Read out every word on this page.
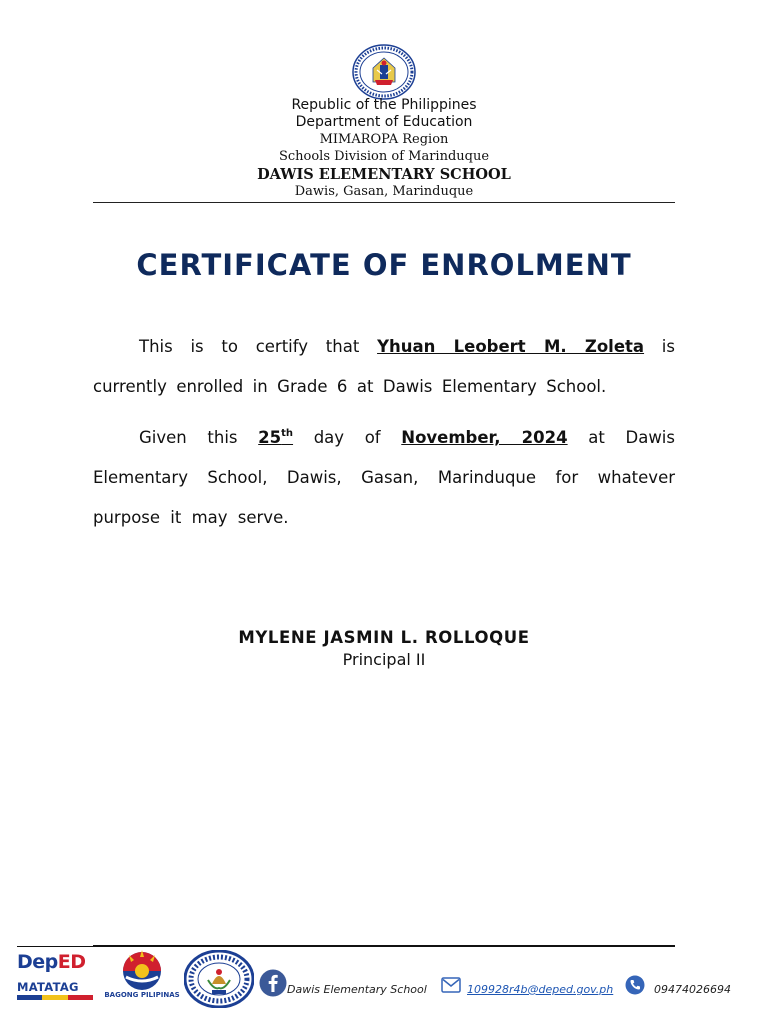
Republic of the Philippines
Department of Education
MIMAROPA Region
Schools Division of Marinduque
DAWIS ELEMENTARY SCHOOL
Dawis, Gasan, Marinduque
CERTIFICATE OF ENROLMENT
This is to certify that Yhuan Leobert M. Zoleta is currently enrolled in Grade 6 at Dawis Elementary School.
Given this 25th day of November, 2024 at Dawis Elementary School, Dawis, Gasan, Marinduque for whatever purpose it may serve.
MYLENE JASMIN L. ROLLOQUE
Principal II
DepED
MATATAG
BAGONG PILIPINAS	Dawis Elementary School	109928r4b@deped.gov.ph	09474026694
